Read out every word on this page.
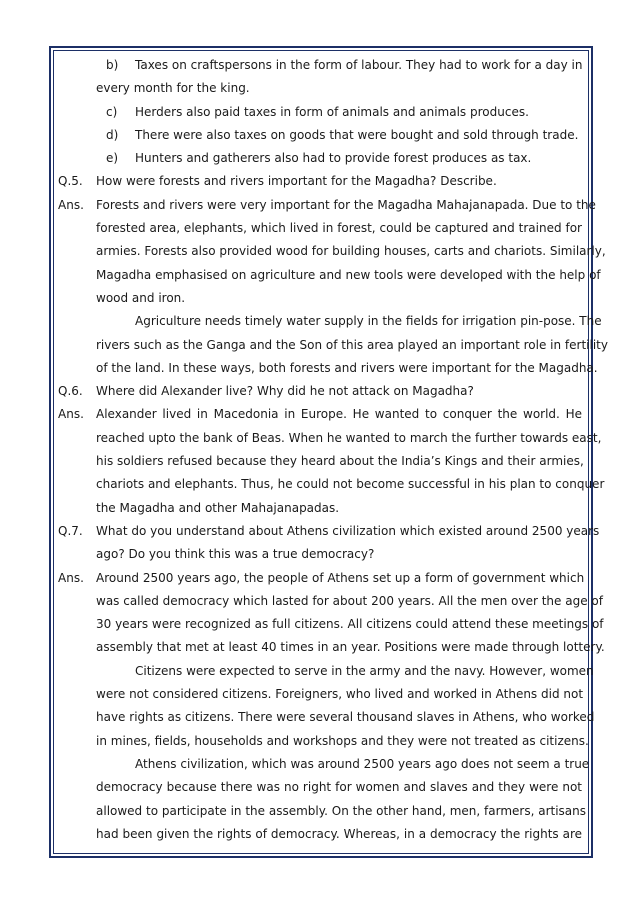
b) Taxes on craftspersons in the form of labour. They had to work for a day in
every month for the king.
c) Herders also paid taxes in form of animals and animals produces.
d) There were also taxes on goods that were bought and sold through trade.
e) Hunters and gatherers also had to provide forest produces as tax.
Q.5. How were forests and rivers important for the Magadha? Describe.
Ans. Forests and rivers were very important for the Magadha Mahajanapada. Due to the
forested area, elephants, which lived in forest, could be captured and trained for
armies. Forests also provided wood for building houses, carts and chariots. Similarly,
Magadha emphasised on agriculture and new tools were developed with the help of
wood and iron.
Agriculture needs timely water supply in the fields for irrigation pin-pose. The
rivers such as the Ganga and the Son of this area played an important role in fertility
of the land. In these ways, both forests and rivers were important for the Magadha.
Q.6. Where did Alexander live? Why did he not attack on Magadha?
Ans. Alexander lived in Macedonia in Europe. He wanted to conquer the world. He
reached upto the bank of Beas. When he wanted to march the further towards east,
his soldiers refused because they heard about the India’s Kings and their armies,
chariots and elephants. Thus, he could not become successful in his plan to conquer
the Magadha and other Mahajanapadas.
Q.7. What do you understand about Athens civilization which existed around 2500 years
ago? Do you think this was a true democracy?
Ans. Around 2500 years ago, the people of Athens set up a form of government which
was called democracy which lasted for about 200 years. All the men over the age of
30 years were recognized as full citizens. All citizens could attend these meetings of
assembly that met at least 40 times in an year. Positions were made through lottery.
Citizens were expected to serve in the army and the navy. However, women
were not considered citizens. Foreigners, who lived and worked in Athens did not
have rights as citizens. There were several thousand slaves in Athens, who worked
in mines, fields, households and workshops and they were not treated as citizens.
Athens civilization, which was around 2500 years ago does not seem a true
democracy because there was no right for women and slaves and they were not
allowed to participate in the assembly. On the other hand, men, farmers, artisans
had been given the rights of democracy. Whereas, in a democracy the rights are
